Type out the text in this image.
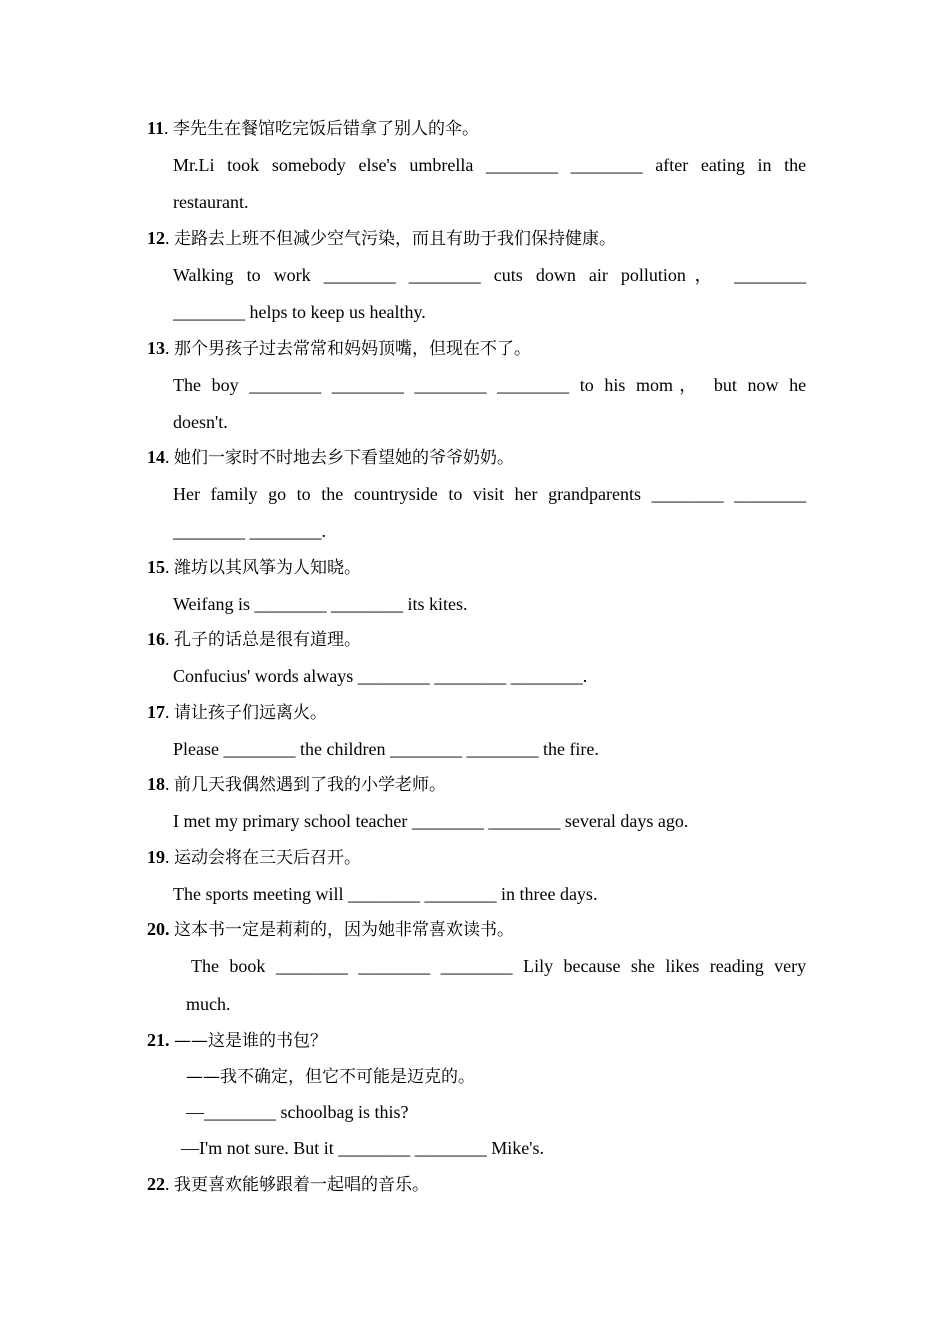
11. 李先生在餐馆吃完饭后错拿了别人的伞。
Mr.Li took somebody else's umbrella ________ ________ after eating in the
restaurant.
12. 走路去上班不但减少空气污染，而且有助于我们保持健康。
Walking to work ________ ________ cuts down air pollution， ________
________ helps to keep us healthy.
13. 那个男孩子过去常常和妈妈顶嘴，但现在不了。
The boy ________ ________ ________ ________ to his mom， but now he
doesn't.
14. 她们一家时不时地去乡下看望她的爷爷奶奶。
Her family go to the countryside to visit her grandparents ________ ________
________ ________.
15. 潍坊以其风筝为人知晓。
Weifang is ________ ________ its kites.
16. 孔子的话总是很有道理。
Confucius' words always ________ ________ ________.
17. 请让孩子们远离火。
Please ________ the children ________ ________ the fire.
18. 前几天我偶然遇到了我的小学老师。
I met my primary school teacher ________ ________ several days ago.
19. 运动会将在三天后召开。
The sports meeting will ________ ________ in three days.
20. 这本书一定是莉莉的，因为她非常喜欢读书。
The book ________ ________ ________ Lily because she likes reading very
much.
21. ——这是谁的书包？
——我不确定，但它不可能是迈克的。
—________ schoolbag is this?
—I'm not sure. But it ________ ________ Mike's.
22. 我更喜欢能够跟着一起唱的音乐。
